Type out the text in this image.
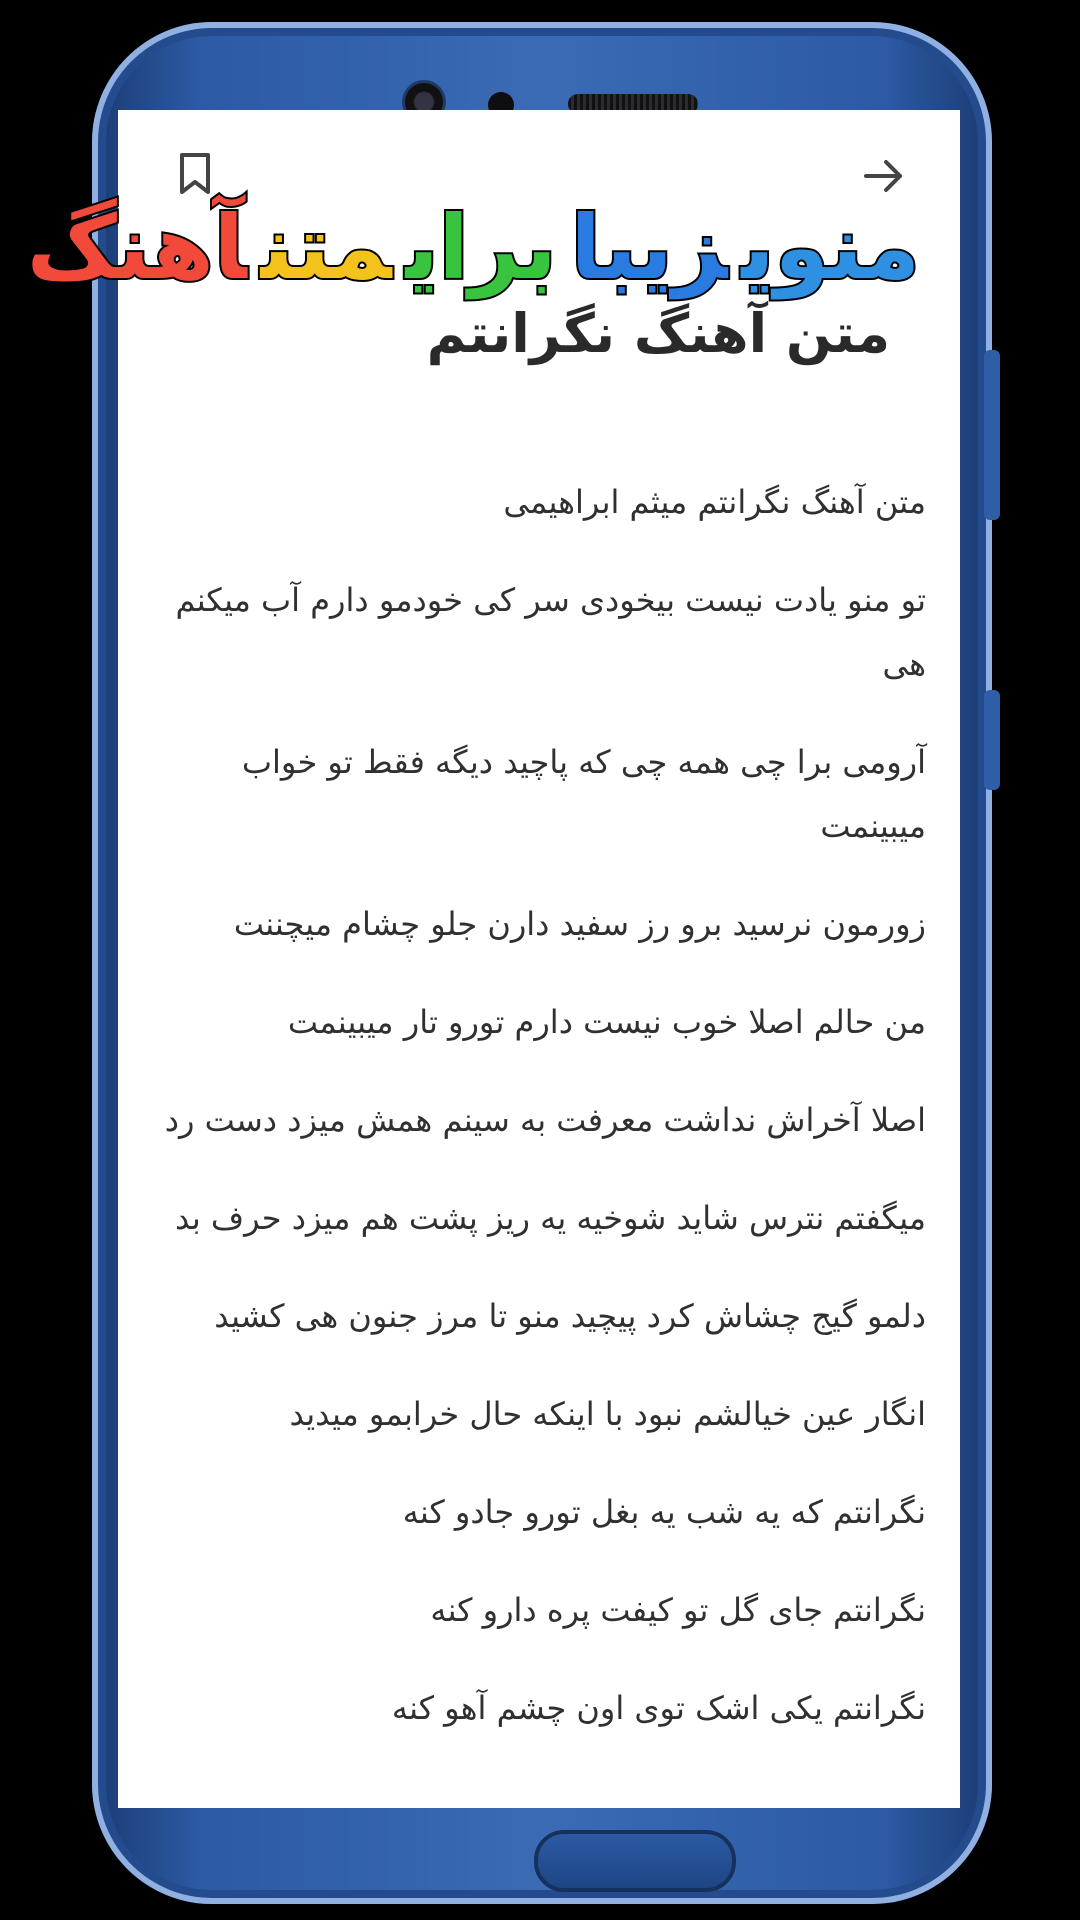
متن آهنگ نگرانتم
متن آهنگ نگرانتم میثم ابراهیمی
تو منو یادت نیست بیخودی سر کی خودمو دارم آب میکنم هی
آرومی برا چی همه چی که پاچید دیگه فقط تو خواب میبینمت
زورمون نرسید برو رز سفید دارن جلو چشام میچننت
من حالم اصلا خوب نیست دارم تورو تار میبینمت
اصلا آخراش نداشت معرفت به سینم همش میزد دست رد
میگفتم نترس شاید شوخیه یه ریز پشت هم میزد حرف بد
دلمو گیج چشاش کرد پیچید منو تا مرز جنون هی کشید
انگار عین خیالشم نبود با اینکه حال خرابمو میدید
نگرانتم که یه شب یه بغل تورو جادو کنه
نگرانتم جای گل تو کیفت پره دارو کنه
نگرانتم یکی اشک توی اون چشم آهو کنه
منویزیبابرایمتنآهنگ
